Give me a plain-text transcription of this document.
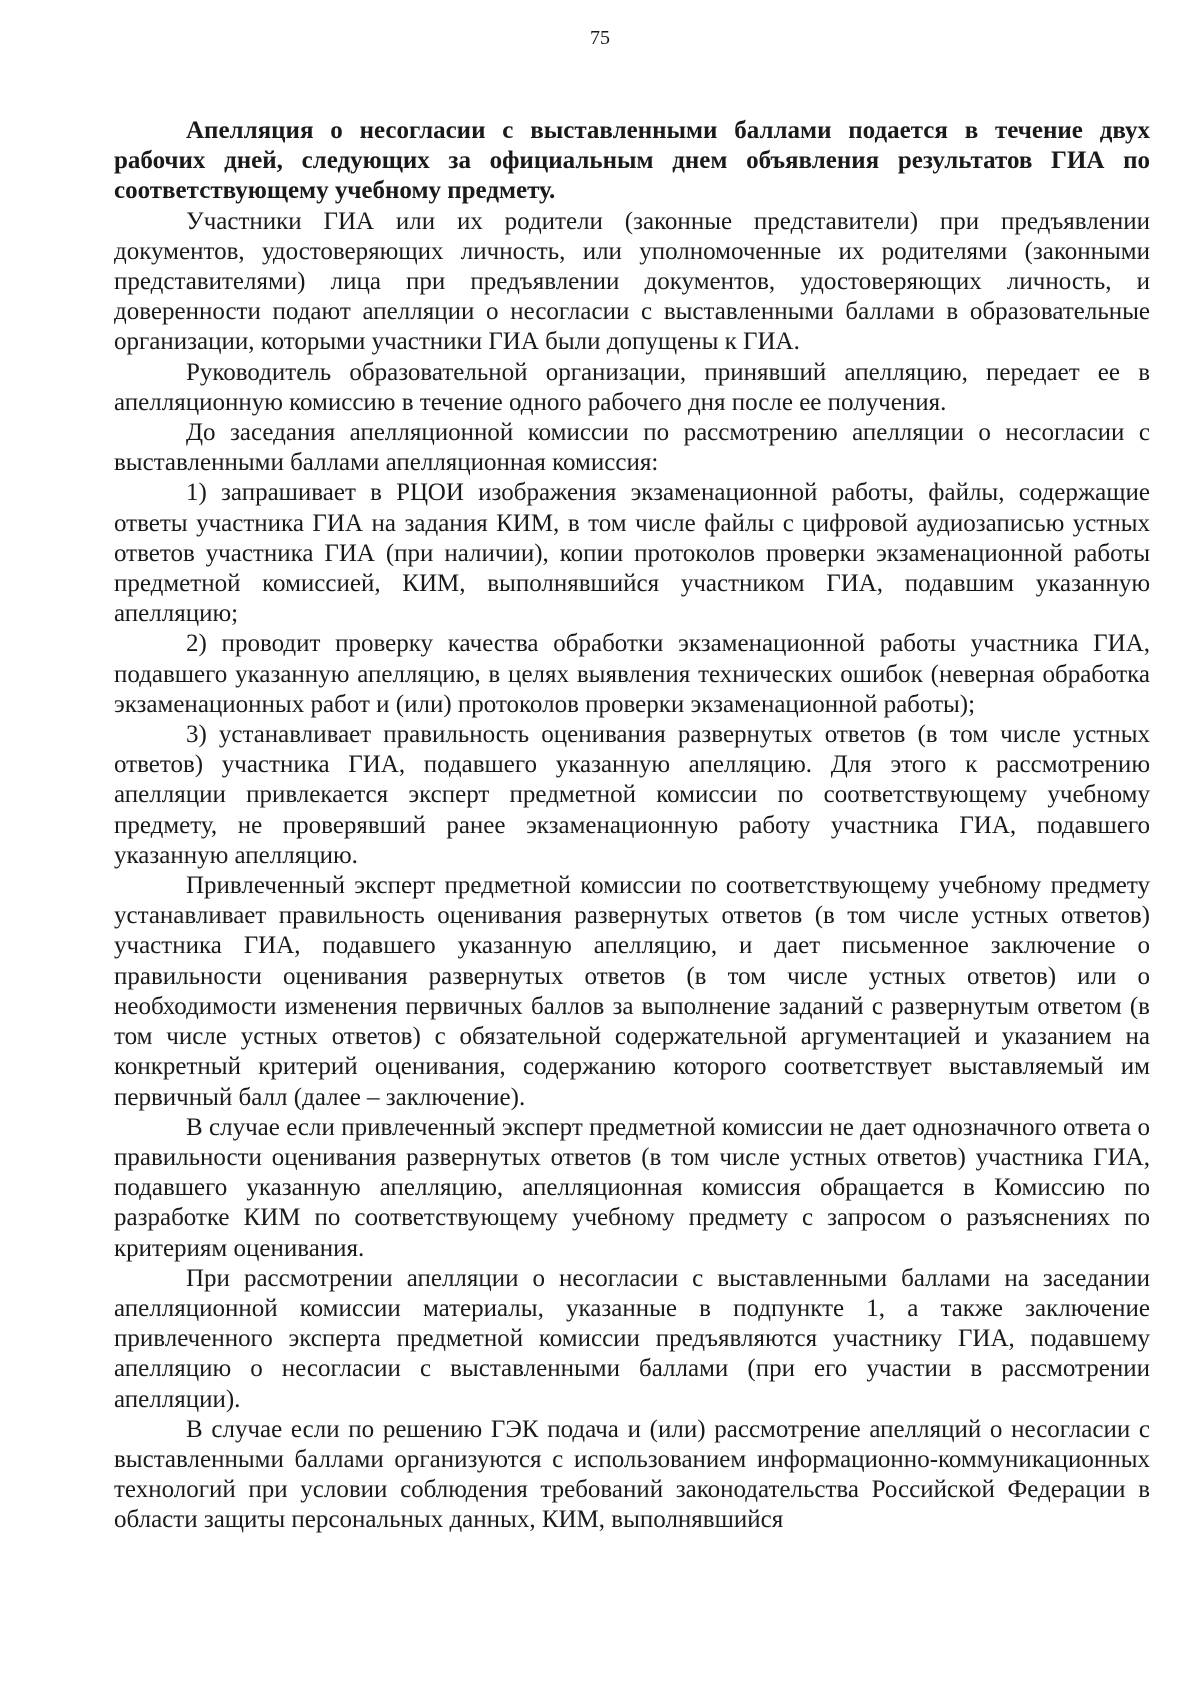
75

Апелляция о несогласии с выставленными баллами подается в течение двух рабочих дней, следующих за официальным днем объявления результатов ГИА по соответствующему учебному предмету.

Участники ГИА или их родители (законные представители) при предъявлении документов, удостоверяющих личность, или уполномоченные их родителями (законными представителями) лица при предъявлении документов, удостоверяющих личность, и доверенности подают апелляции о несогласии с выставленными баллами в образовательные организации, которыми участники ГИА были допущены к ГИА.

Руководитель образовательной организации, принявший апелляцию, передает ее в апелляционную комиссию в течение одного рабочего дня после ее получения.

До заседания апелляционной комиссии по рассмотрению апелляции о несогласии с выставленными баллами апелляционная комиссия:

1) запрашивает в РЦОИ изображения экзаменационной работы, файлы, содержащие ответы участника ГИА на задания КИМ, в том числе файлы с цифровой аудиозаписью устных ответов участника ГИА (при наличии), копии протоколов проверки экзаменационной работы предметной комиссией, КИМ, выполнявшийся участником ГИА, подавшим указанную апелляцию;

2) проводит проверку качества обработки экзаменационной работы участника ГИА, подавшего указанную апелляцию, в целях выявления технических ошибок (неверная обработка экзаменационных работ и (или) протоколов проверки экзаменационной работы);

3) устанавливает правильность оценивания развернутых ответов (в том числе устных ответов) участника ГИА, подавшего указанную апелляцию. Для этого к рассмотрению апелляции привлекается эксперт предметной комиссии по соответствующему учебному предмету, не проверявший ранее экзаменационную работу участника ГИА, подавшего указанную апелляцию.

Привлеченный эксперт предметной комиссии по соответствующему учебному предмету устанавливает правильность оценивания развернутых ответов (в том числе устных ответов) участника ГИА, подавшего указанную апелляцию, и дает письменное заключение о правильности оценивания развернутых ответов (в том числе устных ответов) или о необходимости изменения первичных баллов за выполнение заданий с развернутым ответом (в том числе устных ответов) с обязательной содержательной аргументацией и указанием на конкретный критерий оценивания, содержанию которого соответствует выставляемый им первичный балл (далее – заключение).

В случае если привлеченный эксперт предметной комиссии не дает однозначного ответа о правильности оценивания развернутых ответов (в том числе устных ответов) участника ГИА, подавшего указанную апелляцию, апелляционная комиссия обращается в Комиссию по разработке КИМ по соответствующему учебному предмету с запросом о разъяснениях по критериям оценивания.

При рассмотрении апелляции о несогласии с выставленными баллами на заседании апелляционной комиссии материалы, указанные в подпункте 1, а также заключение привлеченного эксперта предметной комиссии предъявляются участнику ГИА, подавшему апелляцию о несогласии с выставленными баллами (при его участии в рассмотрении апелляции).

В случае если по решению ГЭК подача и (или) рассмотрение апелляций о несогласии с выставленными баллами организуются с использованием информационно-коммуникационных технологий при условии соблюдения требований законодательства Российской Федерации в области защиты персональных данных, КИМ, выполнявшийся
